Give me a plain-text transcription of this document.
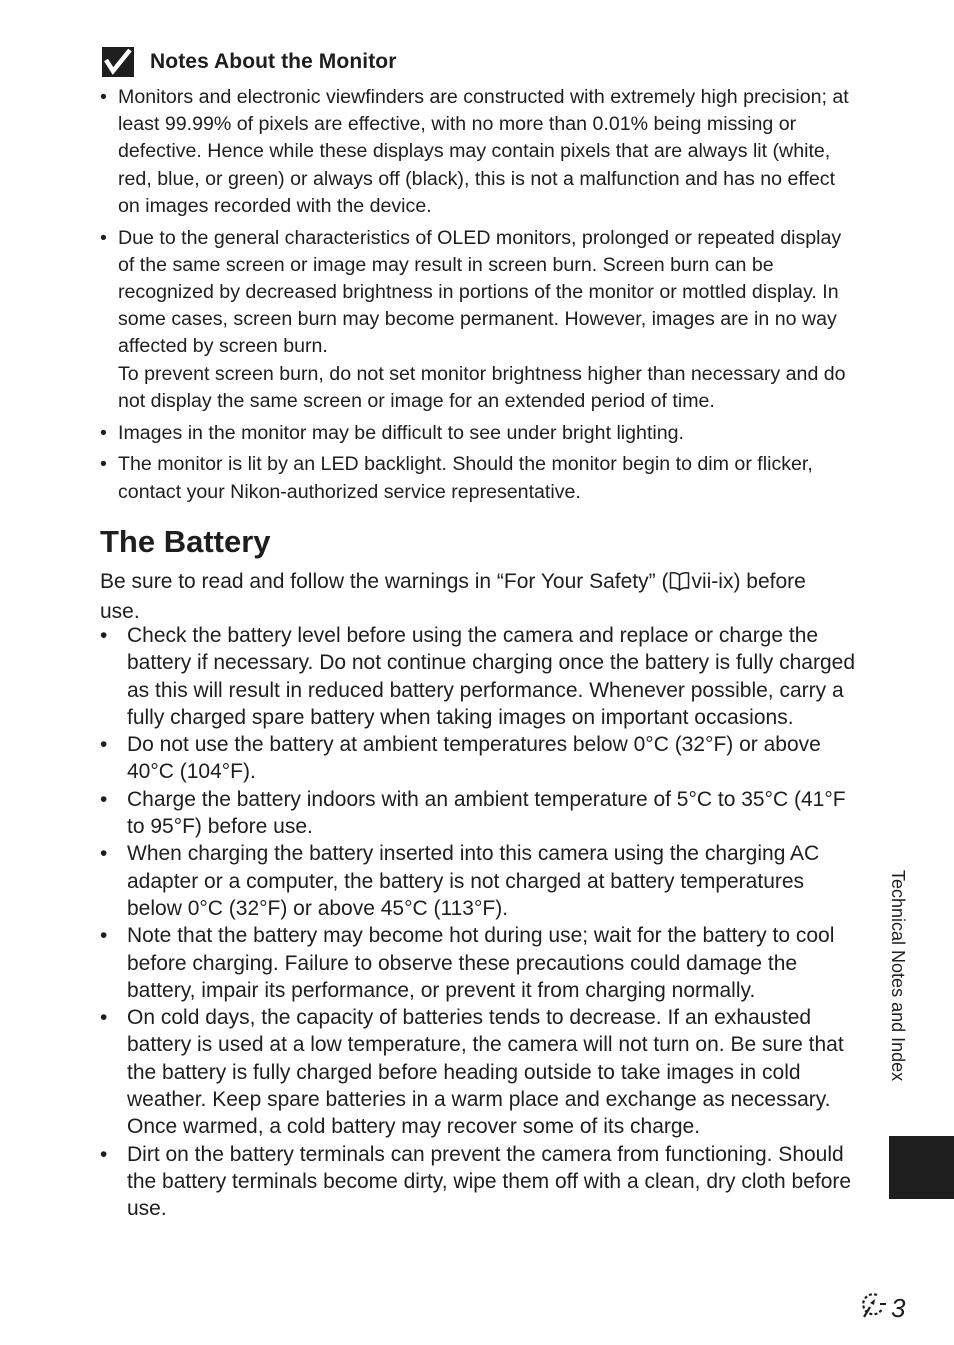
Notes About the Monitor
• Monitors and electronic viewfinders are constructed with extremely high precision; at least 99.99% of pixels are effective, with no more than 0.01% being missing or defective. Hence while these displays may contain pixels that are always lit (white, red, blue, or green) or always off (black), this is not a malfunction and has no effect on images recorded with the device.
• Due to the general characteristics of OLED monitors, prolonged or repeated display of the same screen or image may result in screen burn. Screen burn can be recognized by decreased brightness in portions of the monitor or mottled display. In some cases, screen burn may become permanent. However, images are in no way affected by screen burn.
To prevent screen burn, do not set monitor brightness higher than necessary and do not display the same screen or image for an extended period of time.
• Images in the monitor may be difficult to see under bright lighting.
• The monitor is lit by an LED backlight. Should the monitor begin to dim or flicker, contact your Nikon-authorized service representative.
The Battery

Be sure to read and follow the warnings in “For Your Safety” ( vii-ix) before use.

• Check the battery level before using the camera and replace or charge the battery if necessary. Do not continue charging once the battery is fully charged as this will result in reduced battery performance. Whenever possible, carry a fully charged spare battery when taking images on important occasions.
• Do not use the battery at ambient temperatures below 0°C (32°F) or above 40°C (104°F).
• Charge the battery indoors with an ambient temperature of 5°C to 35°C (41°F to 95°F) before use.
• When charging the battery inserted into this camera using the charging AC adapter or a computer, the battery is not charged at battery temperatures below 0°C (32°F) or above 45°C (113°F).
• Note that the battery may become hot during use; wait for the battery to cool before charging. Failure to observe these precautions could damage the battery, impair its performance, or prevent it from charging normally.
• On cold days, the capacity of batteries tends to decrease. If an exhausted battery is used at a low temperature, the camera will not turn on. Be sure that the battery is fully charged before heading outside to take images in cold weather. Keep spare batteries in a warm place and exchange as necessary. Once warmed, a cold battery may recover some of its charge.
• Dirt on the battery terminals can prevent the camera from functioning. Should the battery terminals become dirty, wipe them off with a clean, dry cloth before use.
Technical Notes and Index
3
